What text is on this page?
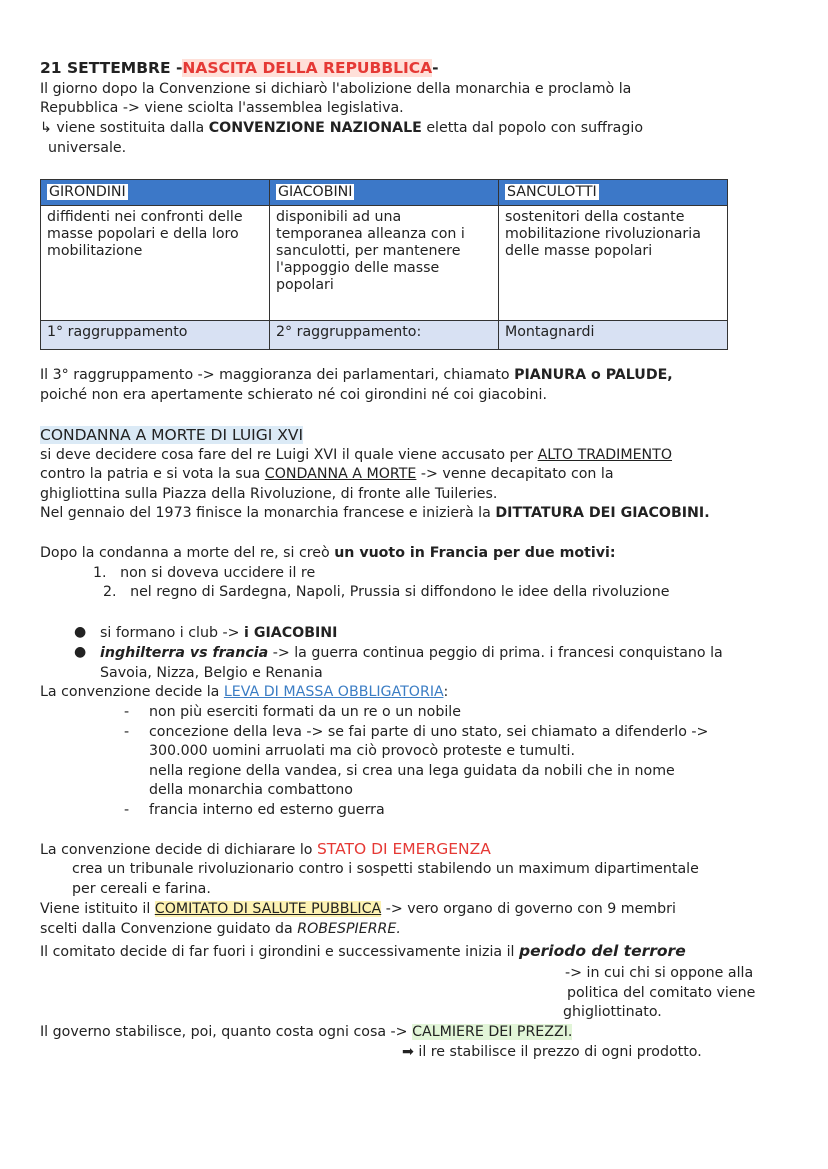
21 SETTEMBRE -NASCITA DELLA REPUBBLICA-
Il giorno dopo la Convenzione si dichiarò l'abolizione della monarchia e proclamò la
Repubblica -> viene sciolta l'assemblea legislativa.
↳ viene sostituita dalla CONVENZIONE NAZIONALE eletta dal popolo con suffragio
universale.
GIRONDINI	GIACOBINI	SANCULOTTI
diffidenti nei confronti delle masse popolari e della loro mobilitazione	disponibili ad una temporanea alleanza con i sanculotti, per mantenere l'appoggio delle masse popolari	sostenitori della costante mobilitazione rivoluzionaria delle masse popolari
1° raggruppamento	2° raggruppamento:	Montagnardi
Il 3° raggruppamento -> maggioranza dei parlamentari, chiamato PIANURA o PALUDE,
poiché non era apertamente schierato né coi girondini né coi giacobini.
CONDANNA A MORTE DI LUIGI XVI
si deve decidere cosa fare del re Luigi XVI il quale viene accusato per ALTO TRADIMENTO
contro la patria e si vota la sua CONDANNA A MORTE -> venne decapitato con la
ghigliottina sulla Piazza della Rivoluzione, di fronte alle Tuileries.
Nel gennaio del 1973 finisce la monarchia francese e inizierà la DITTATURA DEI GIACOBINI.
Dopo la condanna a morte del re, si creò un vuoto in Francia per due motivi:
1. non si doveva uccidere il re
2. nel regno di Sardegna, Napoli, Prussia si diffondono le idee della rivoluzione
● si formano i club -> i GIACOBINI
● inghilterra vs francia -> la guerra continua peggio di prima. i francesi conquistano la
Savoia, Nizza, Belgio e Renania
La convenzione decide la LEVA DI MASSA OBBLIGATORIA:
- non più eserciti formati da un re o un nobile
- concezione della leva -> se fai parte di uno stato, sei chiamato a difenderlo ->
300.000 uomini arruolati ma ciò provocò proteste e tumulti.
nella regione della vandea, si crea una lega guidata da nobili che in nome
della monarchia combattono
- francia interno ed esterno guerra
La convenzione decide di dichiarare lo STATO DI EMERGENZA
crea un tribunale rivoluzionario contro i sospetti stabilendo un maximum dipartimentale
per cereali e farina.
Viene istituito il COMITATO DI SALUTE PUBBLICA -> vero organo di governo con 9 membri
scelti dalla Convenzione guidato da ROBESPIERRE.
Il comitato decide di far fuori i girondini e successivamente inizia il periodo del terrore
-> in cui chi si oppone alla
politica del comitato viene
ghigliottinato.
Il governo stabilisce, poi, quanto costa ogni cosa -> CALMIERE DEI PREZZI.
➡ il re stabilisce il prezzo di ogni prodotto.
